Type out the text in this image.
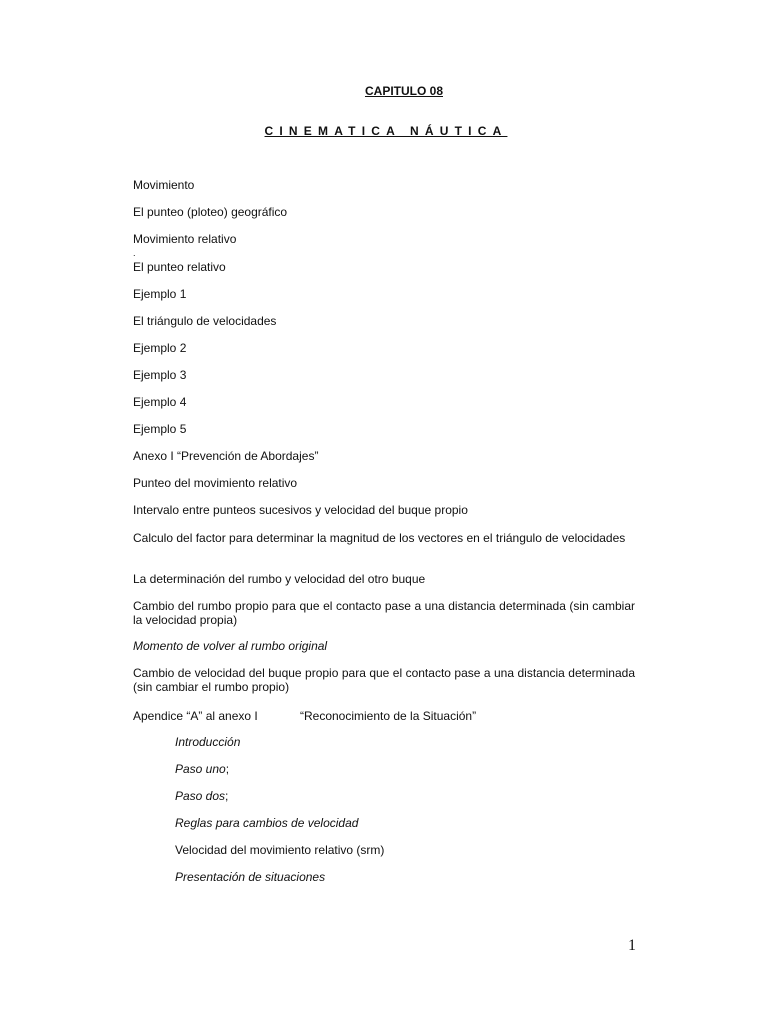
CAPITULO 08
CINEMATICA NÁUTICA

Movimiento

El punteo (ploteo) geográfico

Movimiento relativo

.

El punteo relativo

Ejemplo 1

El triángulo de velocidades

Ejemplo 2

Ejemplo 3

Ejemplo 4

Ejemplo 5

Anexo I “Prevención de Abordajes”

Punteo del movimiento relativo

Intervalo entre punteos sucesivos y velocidad del buque propio

Calculo del factor para determinar la magnitud de los vectores en el triángulo de velocidades

La determinación del rumbo y velocidad del otro buque

Cambio del rumbo propio para que el contacto pase a una distancia determinada (sin cambiar la velocidad propia)

Momento de volver al rumbo original

Cambio de velocidad del buque propio para que el contacto pase a una distancia determinada (sin cambiar el rumbo propio)

Apendice “A” al anexo I	“Reconocimiento de la Situación”

Introducción

Paso uno;

Paso dos;

Reglas para cambios de velocidad

Velocidad del movimiento relativo (srm)

Presentación de situaciones

1
